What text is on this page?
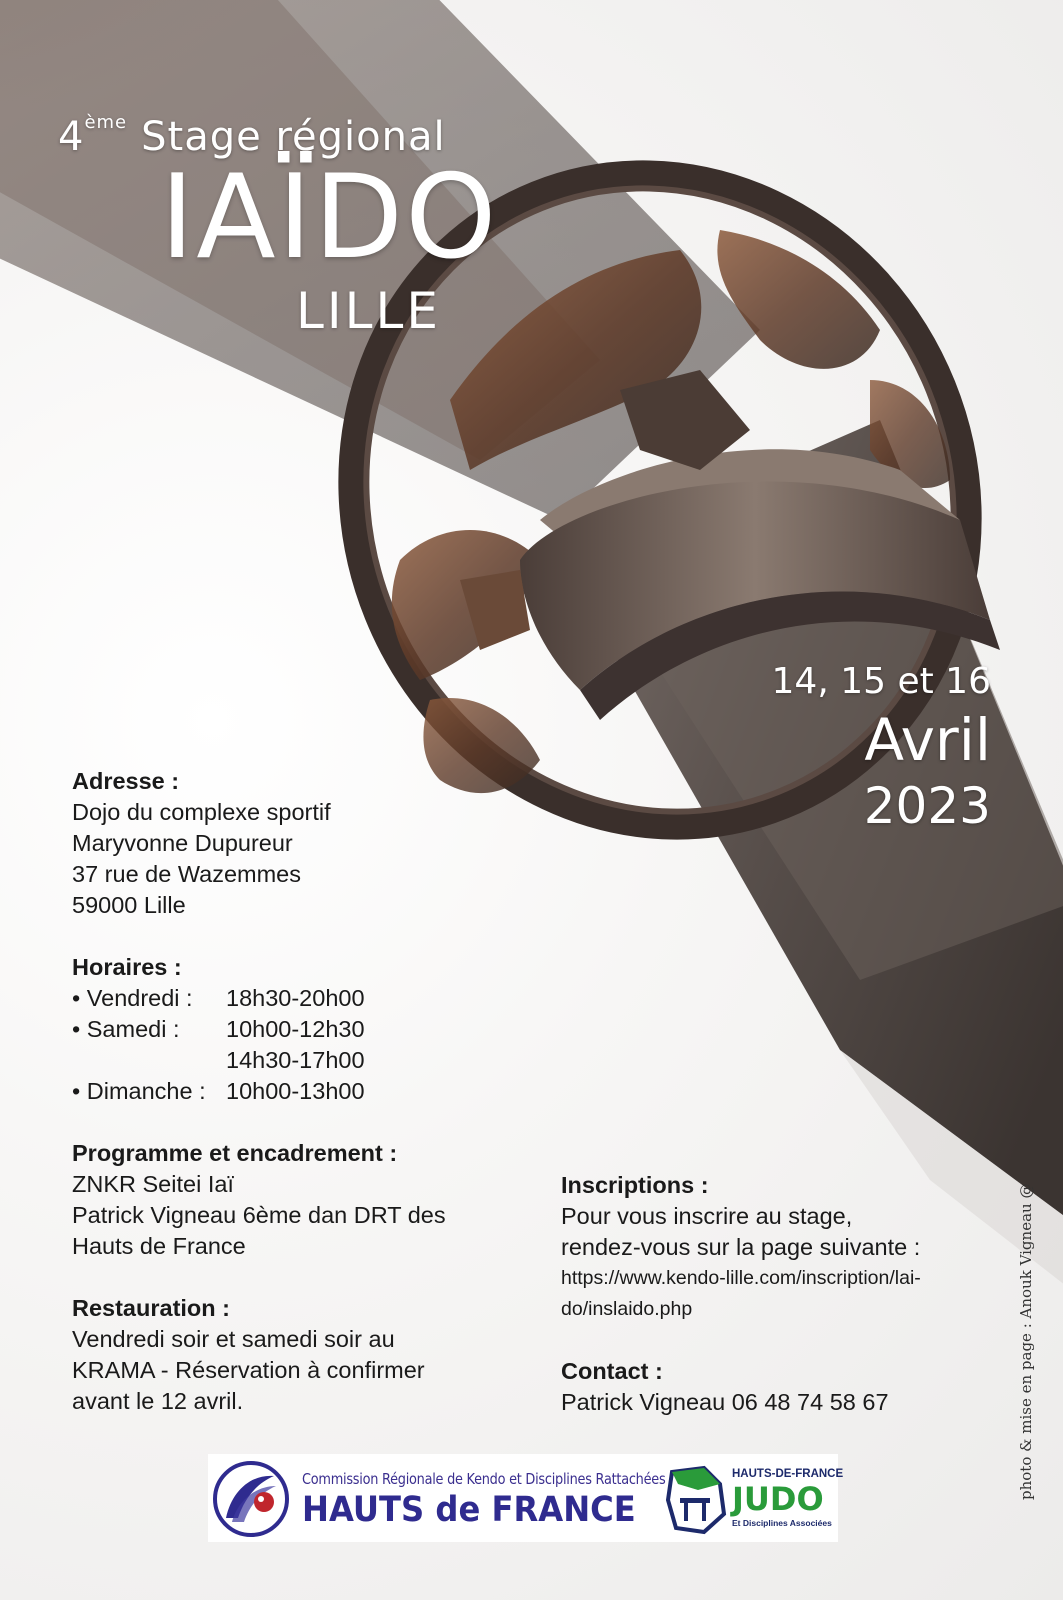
4ème Stage régional
IAÏDO
LILLE
14, 15 et 16
Avril
2023
Adresse :
Dojo du complexe sportif
Maryvonne Dupureur
37 rue de Wazemmes
59000 Lille
Horaires :
• Vendredi :	18h30-20h00
• Samedi :	10h00-12h30
14h30-17h00
• Dimanche : 10h00-13h00
Programme et encadrement :
ZNKR Seitei Iaï
Patrick Vigneau 6ème dan DRT des
Hauts de France
Restauration :
Vendredi soir et samedi soir au
KRAMA - Réservation à confirmer
avant le 12 avril.
Inscriptions :
Pour vous inscrire au stage,
rendez-vous sur la page suivante :
https://www.kendo-lille.com/inscription/lai-
do/inslaido.php
Contact :
Patrick Vigneau 06 48 74 58 67	photo & mise en page : Anouk Vigneau @
Commission Régionale de Kendo et Disciplines Rattachées
HAUTS de FRANCE
HAUTS-DE-FRANCE
JUDO
Et Disciplines Associées
